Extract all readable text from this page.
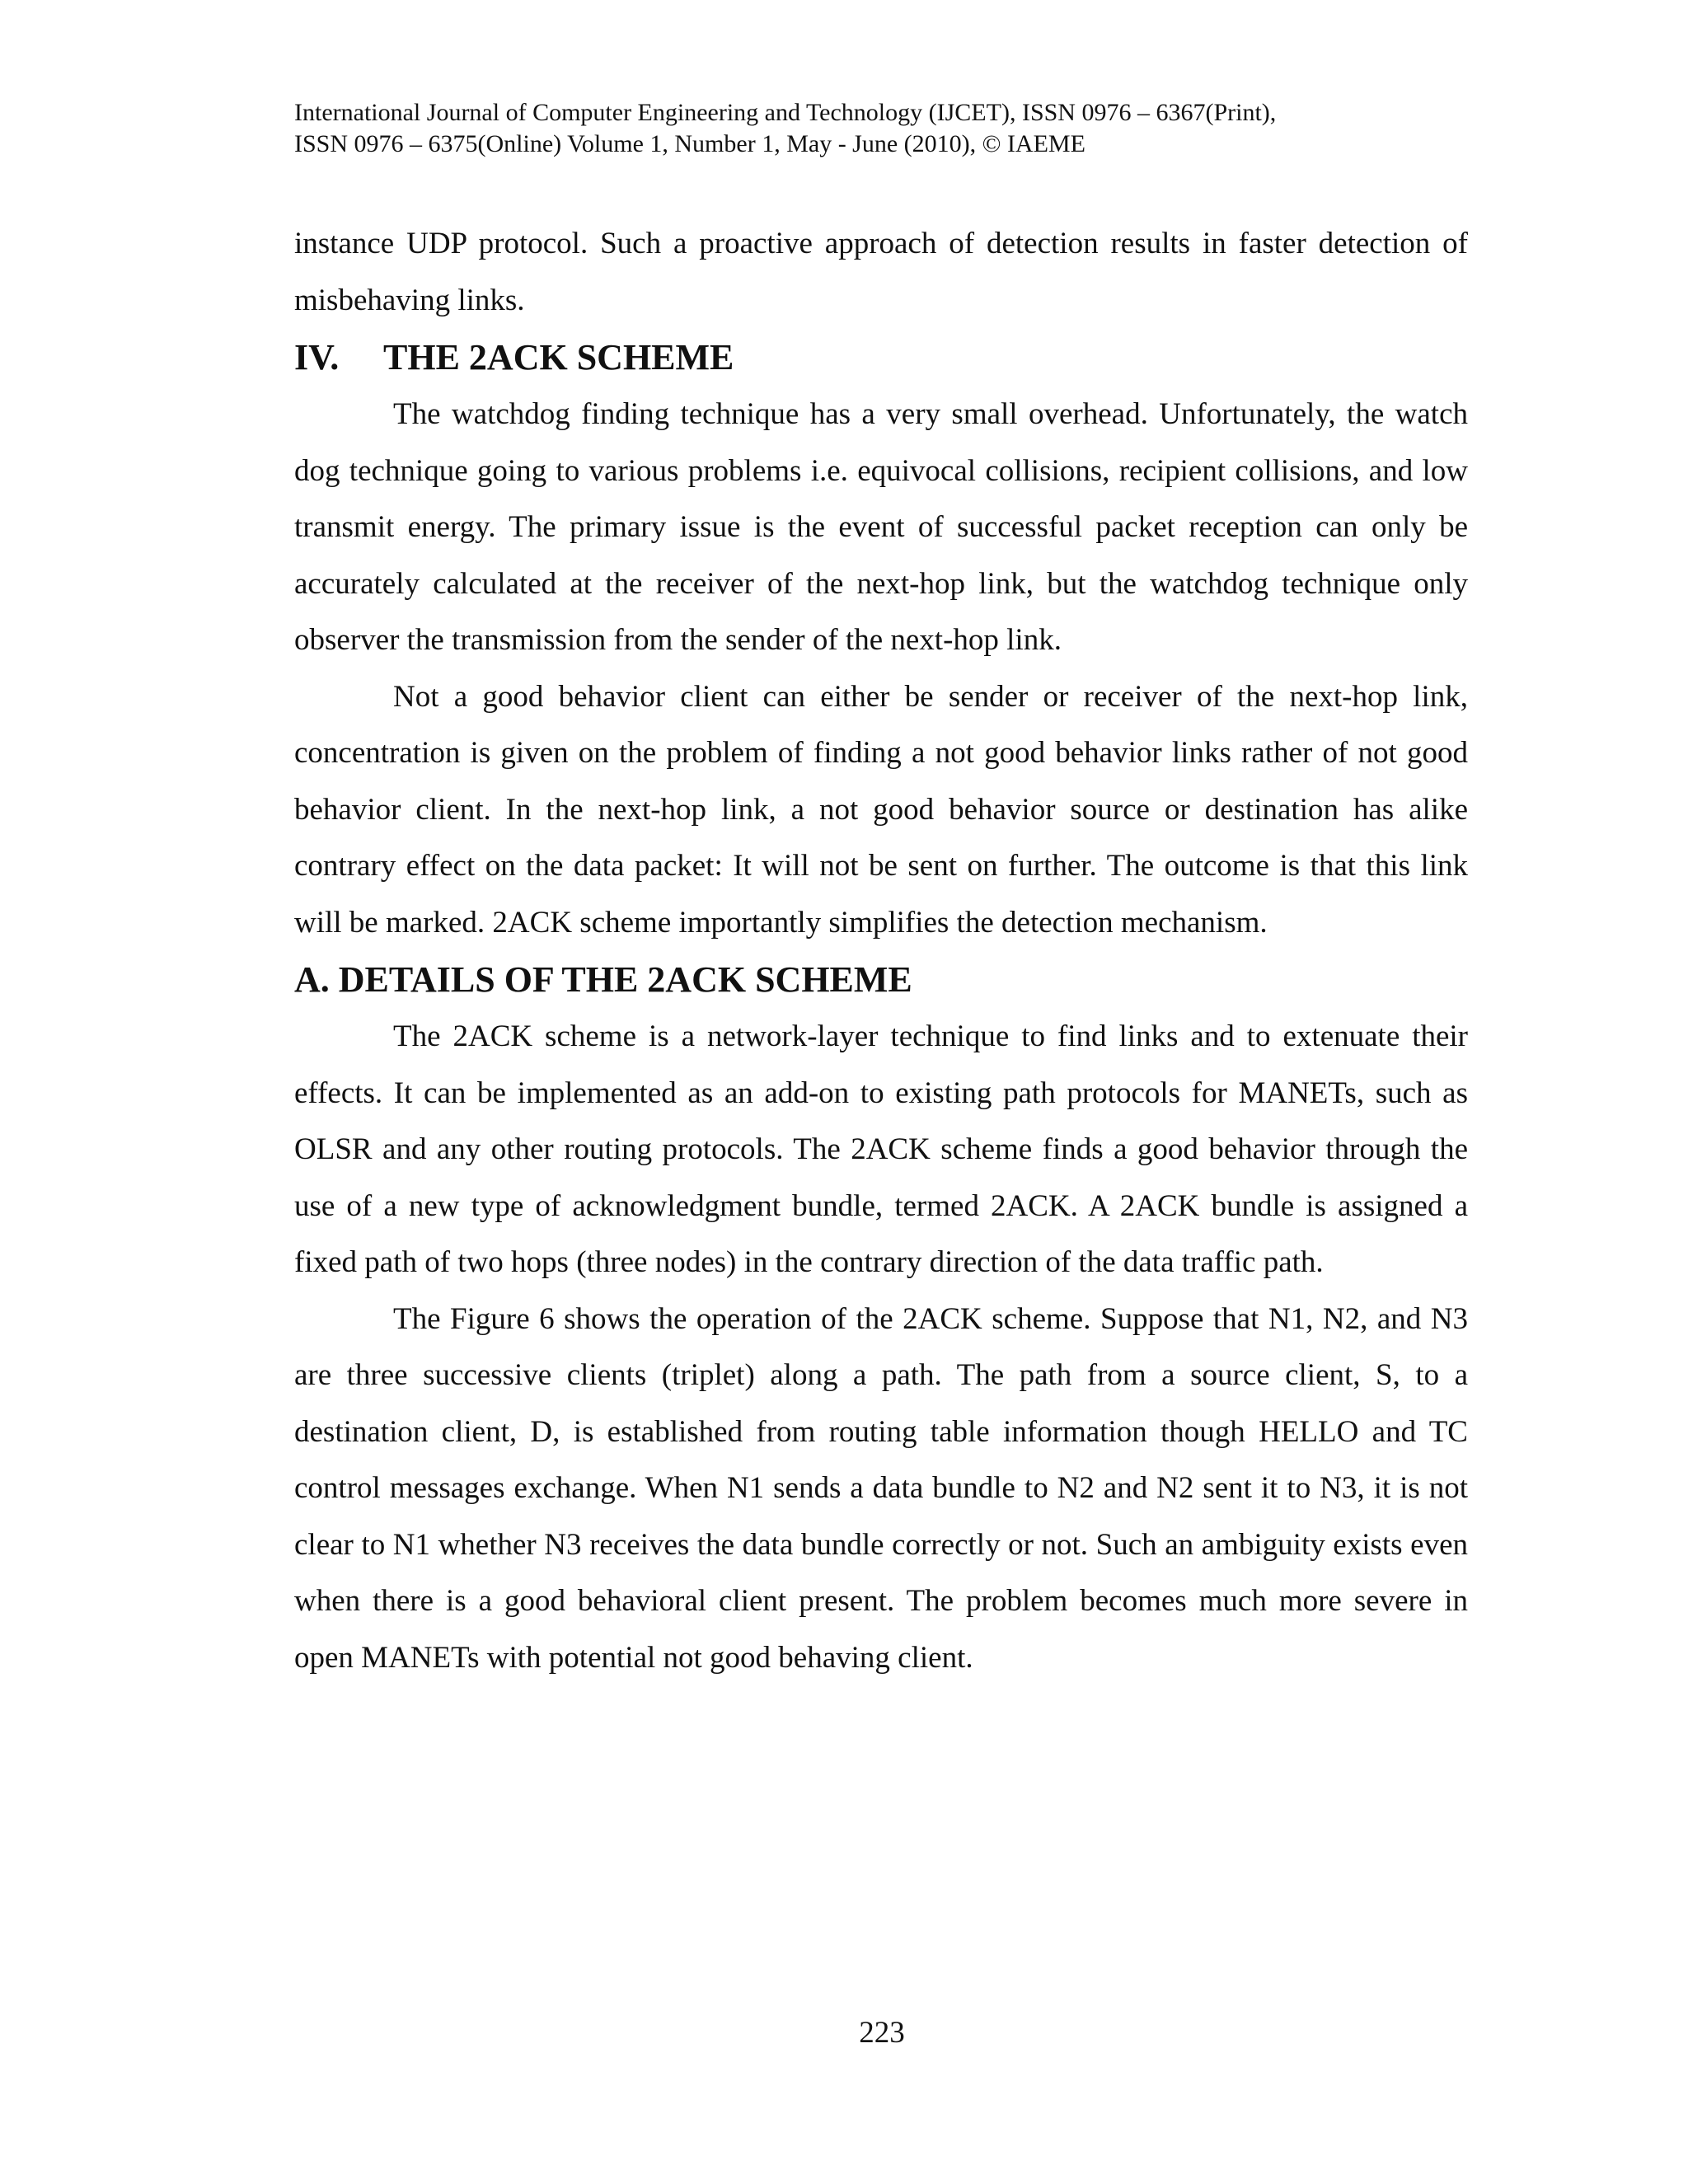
International Journal of Computer Engineering and Technology (IJCET), ISSN 0976 – 6367(Print),
ISSN 0976 – 6375(Online) Volume 1, Number 1, May - June (2010), © IAEME

instance UDP protocol. Such a proactive approach of detection results in faster detection of misbehaving links.

IV.	THE 2ACK SCHEME

The watchdog finding technique has a very small overhead. Unfortunately, the watch dog technique going to various problems i.e. equivocal collisions, recipient collisions, and low transmit energy. The primary issue is the event of successful packet reception can only be accurately calculated at the receiver of the next-hop link, but the watchdog technique only observer the transmission from the sender of the next-hop link.

Not a good behavior client can either be sender or receiver of the next-hop link, concentration is given on the problem of finding a not good behavior links rather of not good behavior client. In the next-hop link, a not good behavior source or destination has alike contrary effect on the data packet: It will not be sent on further. The outcome is that this link will be marked. 2ACK scheme importantly simplifies the detection mechanism.

A. DETAILS OF THE 2ACK SCHEME

The 2ACK scheme is a network-layer technique to find links and to extenuate their effects. It can be implemented as an add-on to existing path protocols for MANETs, such as OLSR and any other routing protocols. The 2ACK scheme finds a good behavior through the use of a new type of acknowledgment bundle, termed 2ACK. A 2ACK bundle is assigned a fixed path of two hops (three nodes) in the contrary direction of the data traffic path.

The Figure 6 shows the operation of the 2ACK scheme. Suppose that N1, N2, and N3 are three successive clients (triplet) along a path. The path from a source client, S, to a destination client, D, is established from routing table information though HELLO and TC control messages exchange. When N1 sends a data bundle to N2 and N2 sent it to N3, it is not clear to N1 whether N3 receives the data bundle correctly or not. Such an ambiguity exists even when there is a good behavioral client present. The problem becomes much more severe in open MANETs with potential not good behaving client.

223
